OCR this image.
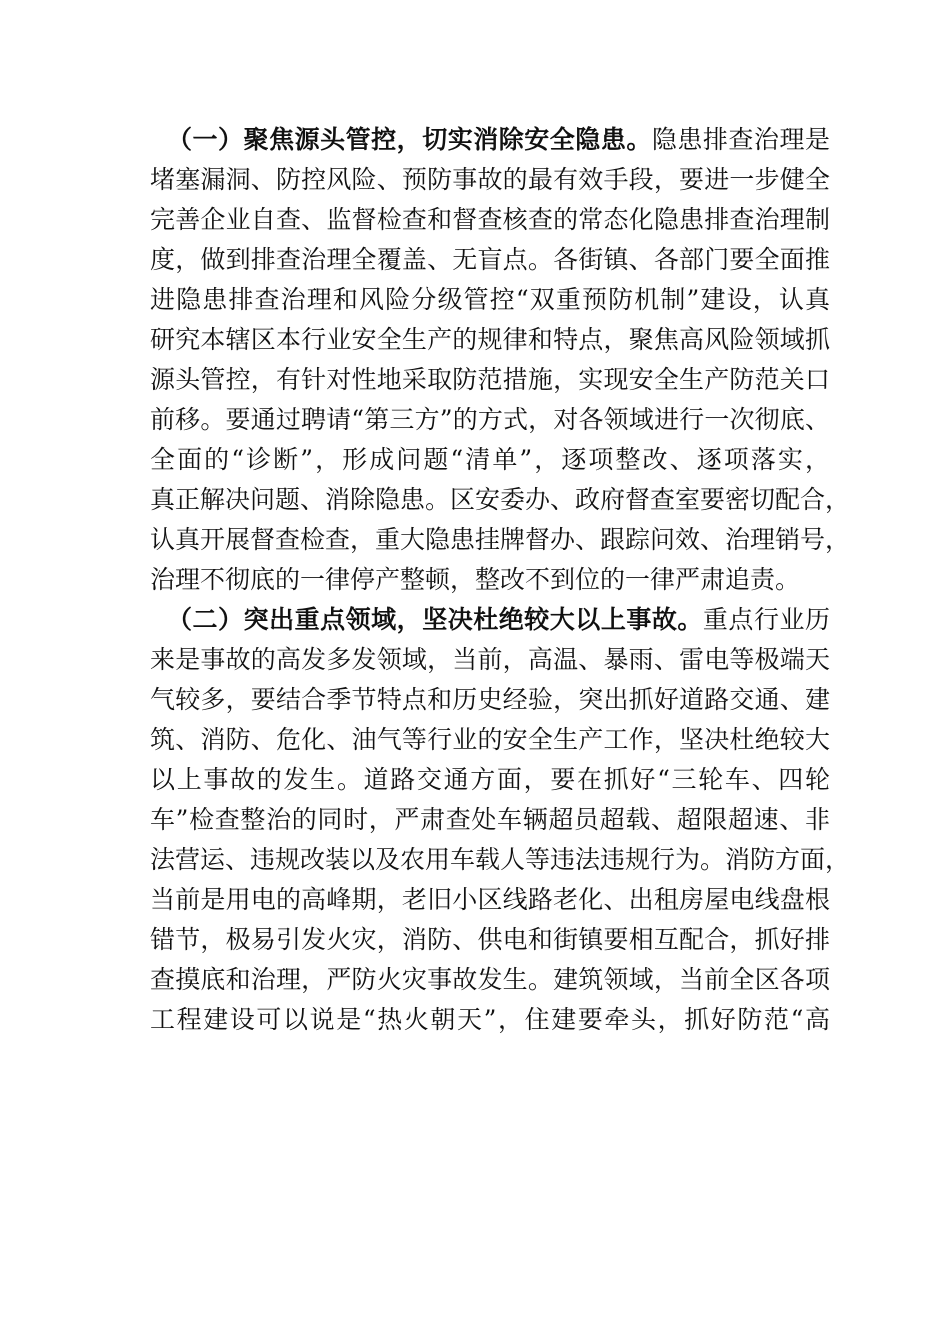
（一）聚焦源头管控，切实消除安全隐患。隐患排查治理是
堵塞漏洞、防控风险、预防事故的最有效手段，要进一步健全
完善企业自查、监督检查和督查核查的常态化隐患排查治理制
度，做到排查治理全覆盖、无盲点。各街镇、各部门要全面推
进隐患排查治理和风险分级管控“双重预防机制”建设，认真
研究本辖区本行业安全生产的规律和特点，聚焦高风险领域抓
源头管控，有针对性地采取防范措施，实现安全生产防范关口
前移。要通过聘请“第三方”的方式，对各领域进行一次彻底、
全面的“诊断”，形成问题“清单”，逐项整改、逐项落实，
真正解决问题、消除隐患。区安委办、政府督查室要密切配合，
认真开展督查检查，重大隐患挂牌督办、跟踪问效、治理销号，
治理不彻底的一律停产整顿，整改不到位的一律严肃追责。
（二）突出重点领域，坚决杜绝较大以上事故。重点行业历
来是事故的高发多发领域，当前，高温、暴雨、雷电等极端天
气较多，要结合季节特点和历史经验，突出抓好道路交通、建
筑、消防、危化、油气等行业的安全生产工作，坚决杜绝较大
以上事故的发生。道路交通方面，要在抓好“三轮车、四轮
车”检查整治的同时，严肃查处车辆超员超载、超限超速、非
法营运、违规改装以及农用车载人等违法违规行为。消防方面，
当前是用电的高峰期，老旧小区线路老化、出租房屋电线盘根
错节，极易引发火灾，消防、供电和街镇要相互配合，抓好排
查摸底和治理，严防火灾事故发生。建筑领域，当前全区各项
工程建设可以说是“热火朝天”，住建要牵头，抓好防范“高
